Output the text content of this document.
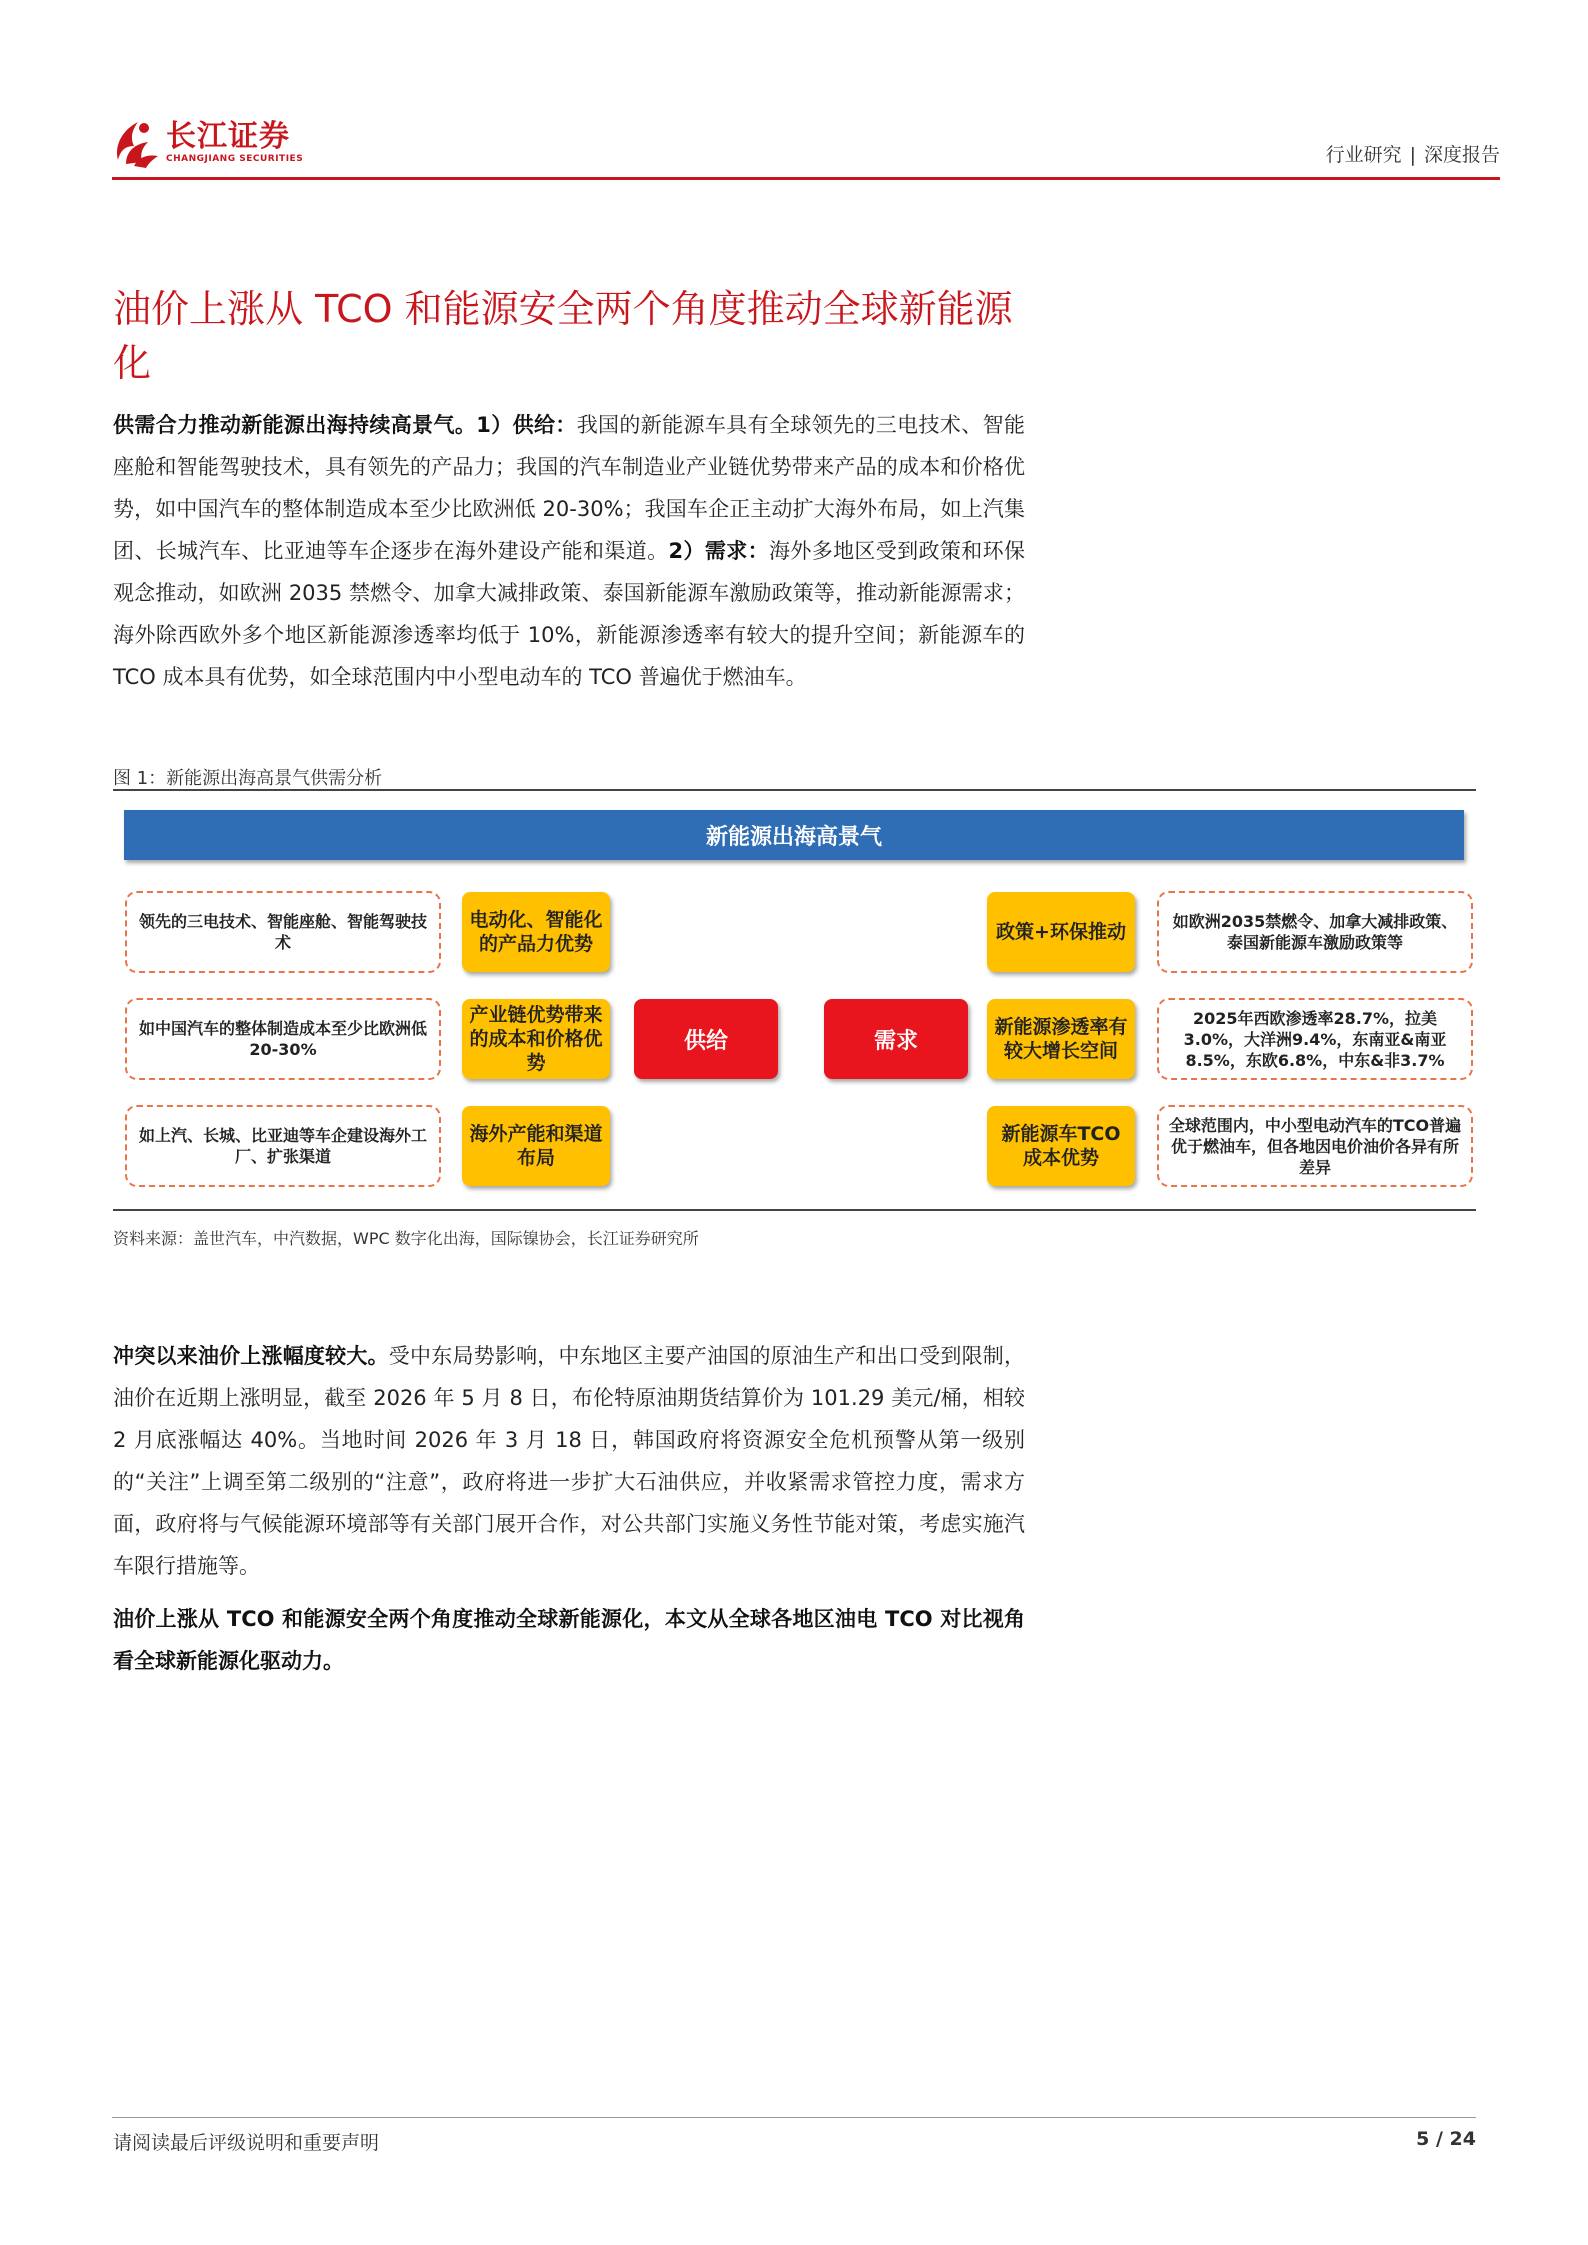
长江证券
CHANGJIANG SECURITIES	行业研究 | 深度报告
油价上涨从 TCO 和能源安全两个角度推动全球新能源化
供需合力推动新能源出海持续高景气。1）供给：我国的新能源车具有全球领先的三电技术、智能座舱和智能驾驶技术，具有领先的产品力；我国的汽车制造业产业链优势带来产品的成本和价格优势，如中国汽车的整体制造成本至少比欧洲低 20-30%；我国车企正主动扩大海外布局，如上汽集团、长城汽车、比亚迪等车企逐步在海外建设产能和渠道。2）需求：海外多地区受到政策和环保观念推动，如欧洲 2035 禁燃令、加拿大减排政策、泰国新能源车激励政策等，推动新能源需求；海外除西欧外多个地区新能源渗透率均低于 10%，新能源渗透率有较大的提升空间；新能源车的 TCO 成本具有优势，如全球范围内中小型电动车的 TCO 普遍优于燃油车。
图 1：新能源出海高景气供需分析
新能源出海高景气
领先的三电技术、智能座舱、智能驾驶技术
如中国汽车的整体制造成本至少比欧洲低20-30%
如上汽、长城、比亚迪等车企建设海外工厂、扩张渠道
电动化、智能化的产品力优势
产业链优势带来的成本和价格优势
海外产能和渠道布局
供给	需求
政策+环保推动
新能源渗透率有较大增长空间
新能源车TCO成本优势
如欧洲2035禁燃令、加拿大减排政策、泰国新能源车激励政策等
2025年西欧渗透率28.7%，拉美3.0%，大洋洲9.4%，东南亚&南亚8.5%，东欧6.8%，中东&非3.7%
全球范围内，中小型电动汽车的TCO普遍优于燃油车，但各地因电价油价各异有所差异
资料来源：盖世汽车，中汽数据，WPC 数字化出海，国际镍协会，长江证券研究所
冲突以来油价上涨幅度较大。受中东局势影响，中东地区主要产油国的原油生产和出口受到限制，油价在近期上涨明显，截至 2026 年 5 月 8 日，布伦特原油期货结算价为 101.29 美元/桶，相较 2 月底涨幅达 40%。当地时间 2026 年 3 月 18 日，韩国政府将资源安全危机预警从第一级别的“关注”上调至第二级别的“注意”，政府将进一步扩大石油供应，并收紧需求管控力度，需求方面，政府将与气候能源环境部等有关部门展开合作，对公共部门实施义务性节能对策，考虑实施汽车限行措施等。
油价上涨从 TCO 和能源安全两个角度推动全球新能源化，本文从全球各地区油电 TCO 对比视角看全球新能源化驱动力。
请阅读最后评级说明和重要声明	5 / 24
